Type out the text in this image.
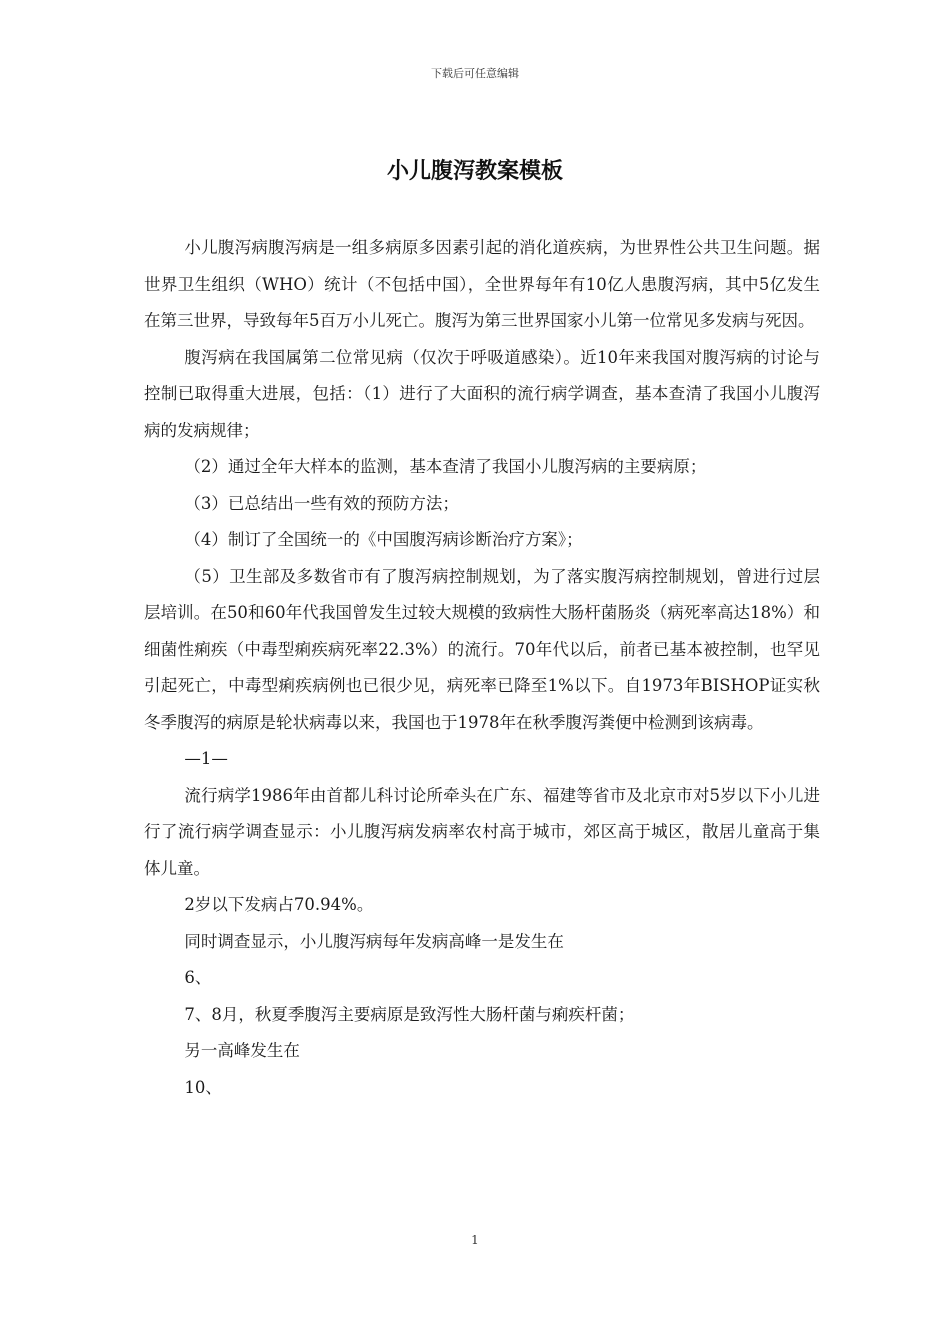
下载后可任意编辑
小儿腹泻教案模板

小儿腹泻病腹泻病是一组多病原多因素引起的消化道疾病，为世界性公共卫生问题。据世界卫生组织（WHO）统计（不包括中国），全世界每年有10亿人患腹泻病，其中5亿发生在第三世界，导致每年5百万小儿死亡。腹泻为第三世界国家小儿第一位常见多发病与死因。

腹泻病在我国属第二位常见病（仅次于呼吸道感染）。近10年来我国对腹泻病的讨论与控制已取得重大进展，包括：（1）进行了大面积的流行病学调查，基本查清了我国小儿腹泻病的发病规律；

（2）通过全年大样本的监测，基本查清了我国小儿腹泻病的主要病原；

（3）已总结出一些有效的预防方法；

（4）制订了全国统一的《中国腹泻病诊断治疗方案》；

（5）卫生部及多数省市有了腹泻病控制规划，为了落实腹泻病控制规划，曾进行过层层培训。在50和60年代我国曾发生过较大规模的致病性大肠杆菌肠炎（病死率高达18%）和细菌性痢疾（中毒型痢疾病死率22.3%）的流行。70年代以后，前者已基本被控制，也罕见引起死亡，中毒型痢疾病例也已很少见，病死率已降至1%以下。自1973年BISHOP证实秋冬季腹泻的病原是轮状病毒以来，我国也于1978年在秋季腹泻粪便中检测到该病毒。

—1—

流行病学1986年由首都儿科讨论所牵头在广东、福建等省市及北京市对5岁以下小儿进行了流行病学调查显示：小儿腹泻病发病率农村高于城市，郊区高于城区，散居儿童高于集体儿童。

2岁以下发病占70.94%。

同时调查显示，小儿腹泻病每年发病高峰一是发生在

6、

7、8月，秋夏季腹泻主要病原是致泻性大肠杆菌与痢疾杆菌；

另一高峰发生在

10、

1
